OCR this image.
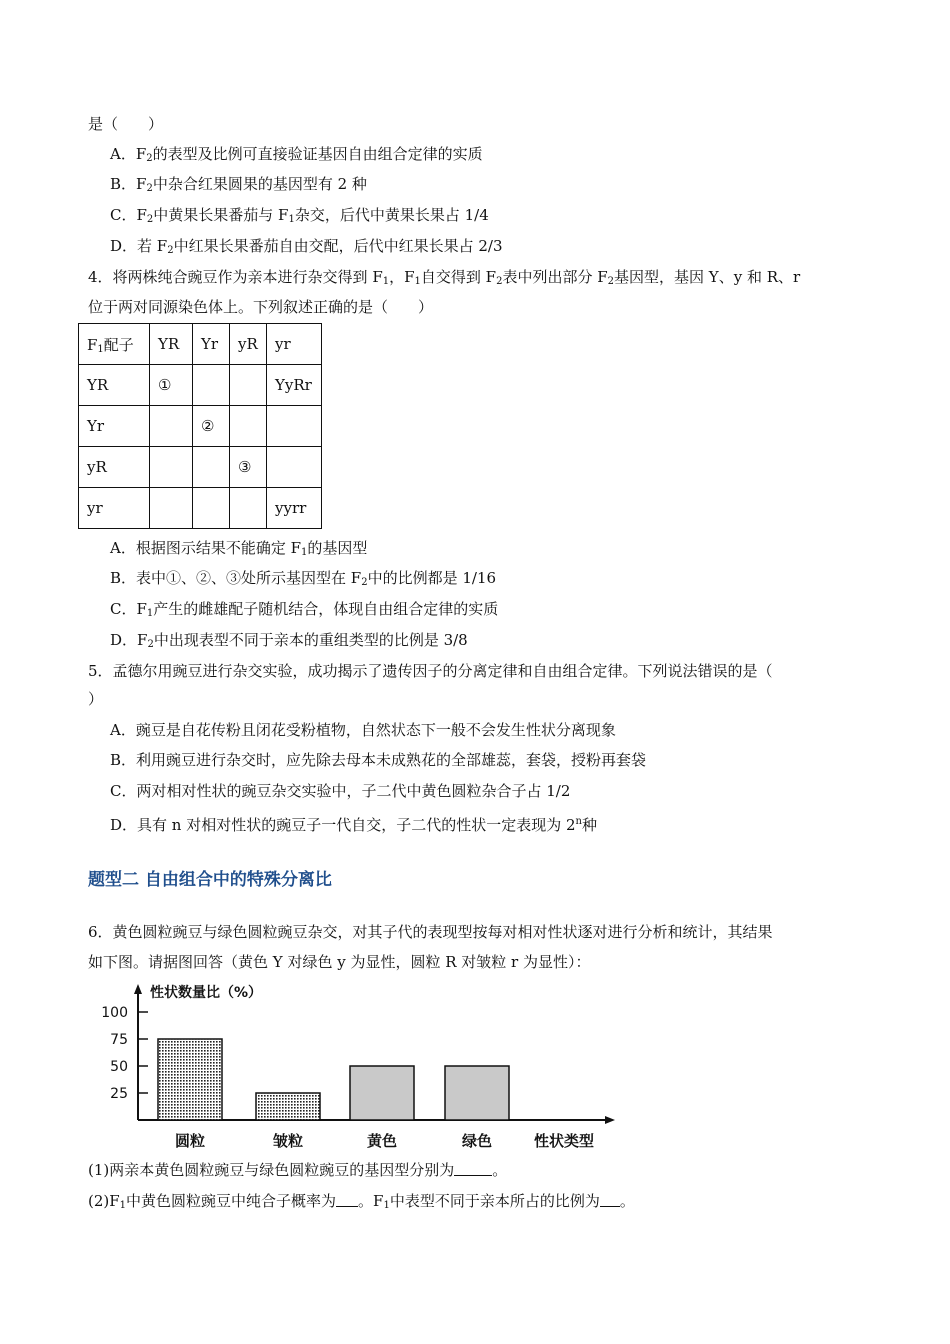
是（　　）
A．$F_2$的表型及比例可直接验证基因自由组合定律的实质
B．$F_2$中杂合红果圆果的基因型有 2 种
C．$F_2$中黄果长果番茄与 $F_1$杂交，后代中黄果长果占 1/4
D．若 $F_2$中红果长果番茄自由交配，后代中红果长果占 2/3
4．将两株纯合豌豆作为亲本进行杂交得到 $F_1$，$F_1$自交得到 $F_2$表中列出部分 $F_2$基因型，基因 Y、y 和 R、r
位于两对同源染色体上。下列叙述正确的是（　　）
$F_1$配子	YR	Yr	yR	yr
YR	①			YyRr
Yr		②		
yR			③	
yr				yyrr
A．根据图示结果不能确定 $F_1$的基因型
B．表中①、②、③处所示基因型在 $F_2$中的比例都是 1/16
C．$F_1$产生的雌雄配子随机结合，体现自由组合定律的实质
D．$F_2$中出现表型不同于亲本的重组类型的比例是 3/8
5．孟德尔用豌豆进行杂交实验，成功揭示了遗传因子的分离定律和自由组合定律。下列说法错误的是（
）
A．豌豆是自花传粉且闭花受粉植物，自然状态下一般不会发生性状分离现象
B．利用豌豆进行杂交时，应先除去母本未成熟花的全部雄蕊，套袋，授粉再套袋
C．两对相对性状的豌豆杂交实验中，子二代中黄色圆粒杂合子占 1/2
D．具有 n 对相对性状的豌豆子一代自交，子二代的性状一定表现为 2$^n$种
题型二 自由组合中的特殊分离比
6．黄色圆粒豌豆与绿色圆粒豌豆杂交，对其子代的表现型按每对相对性状逐对进行分析和统计，其结果
如下图。请据图回答（黄色 Y 对绿色 y 为显性，圆粒 R 对皱粒 r 为显性）：
性状数量比（%）
100
75
50
25
圆粒	皱粒	黄色	绿色	性状类型
(1)两亲本黄色圆粒豌豆与绿色圆粒豌豆的基因型分别为	。
$(2)F_1$中黄色圆粒豌豆中纯合子概率为 。$F_1$中表型不同于亲本所占的比例为 。
